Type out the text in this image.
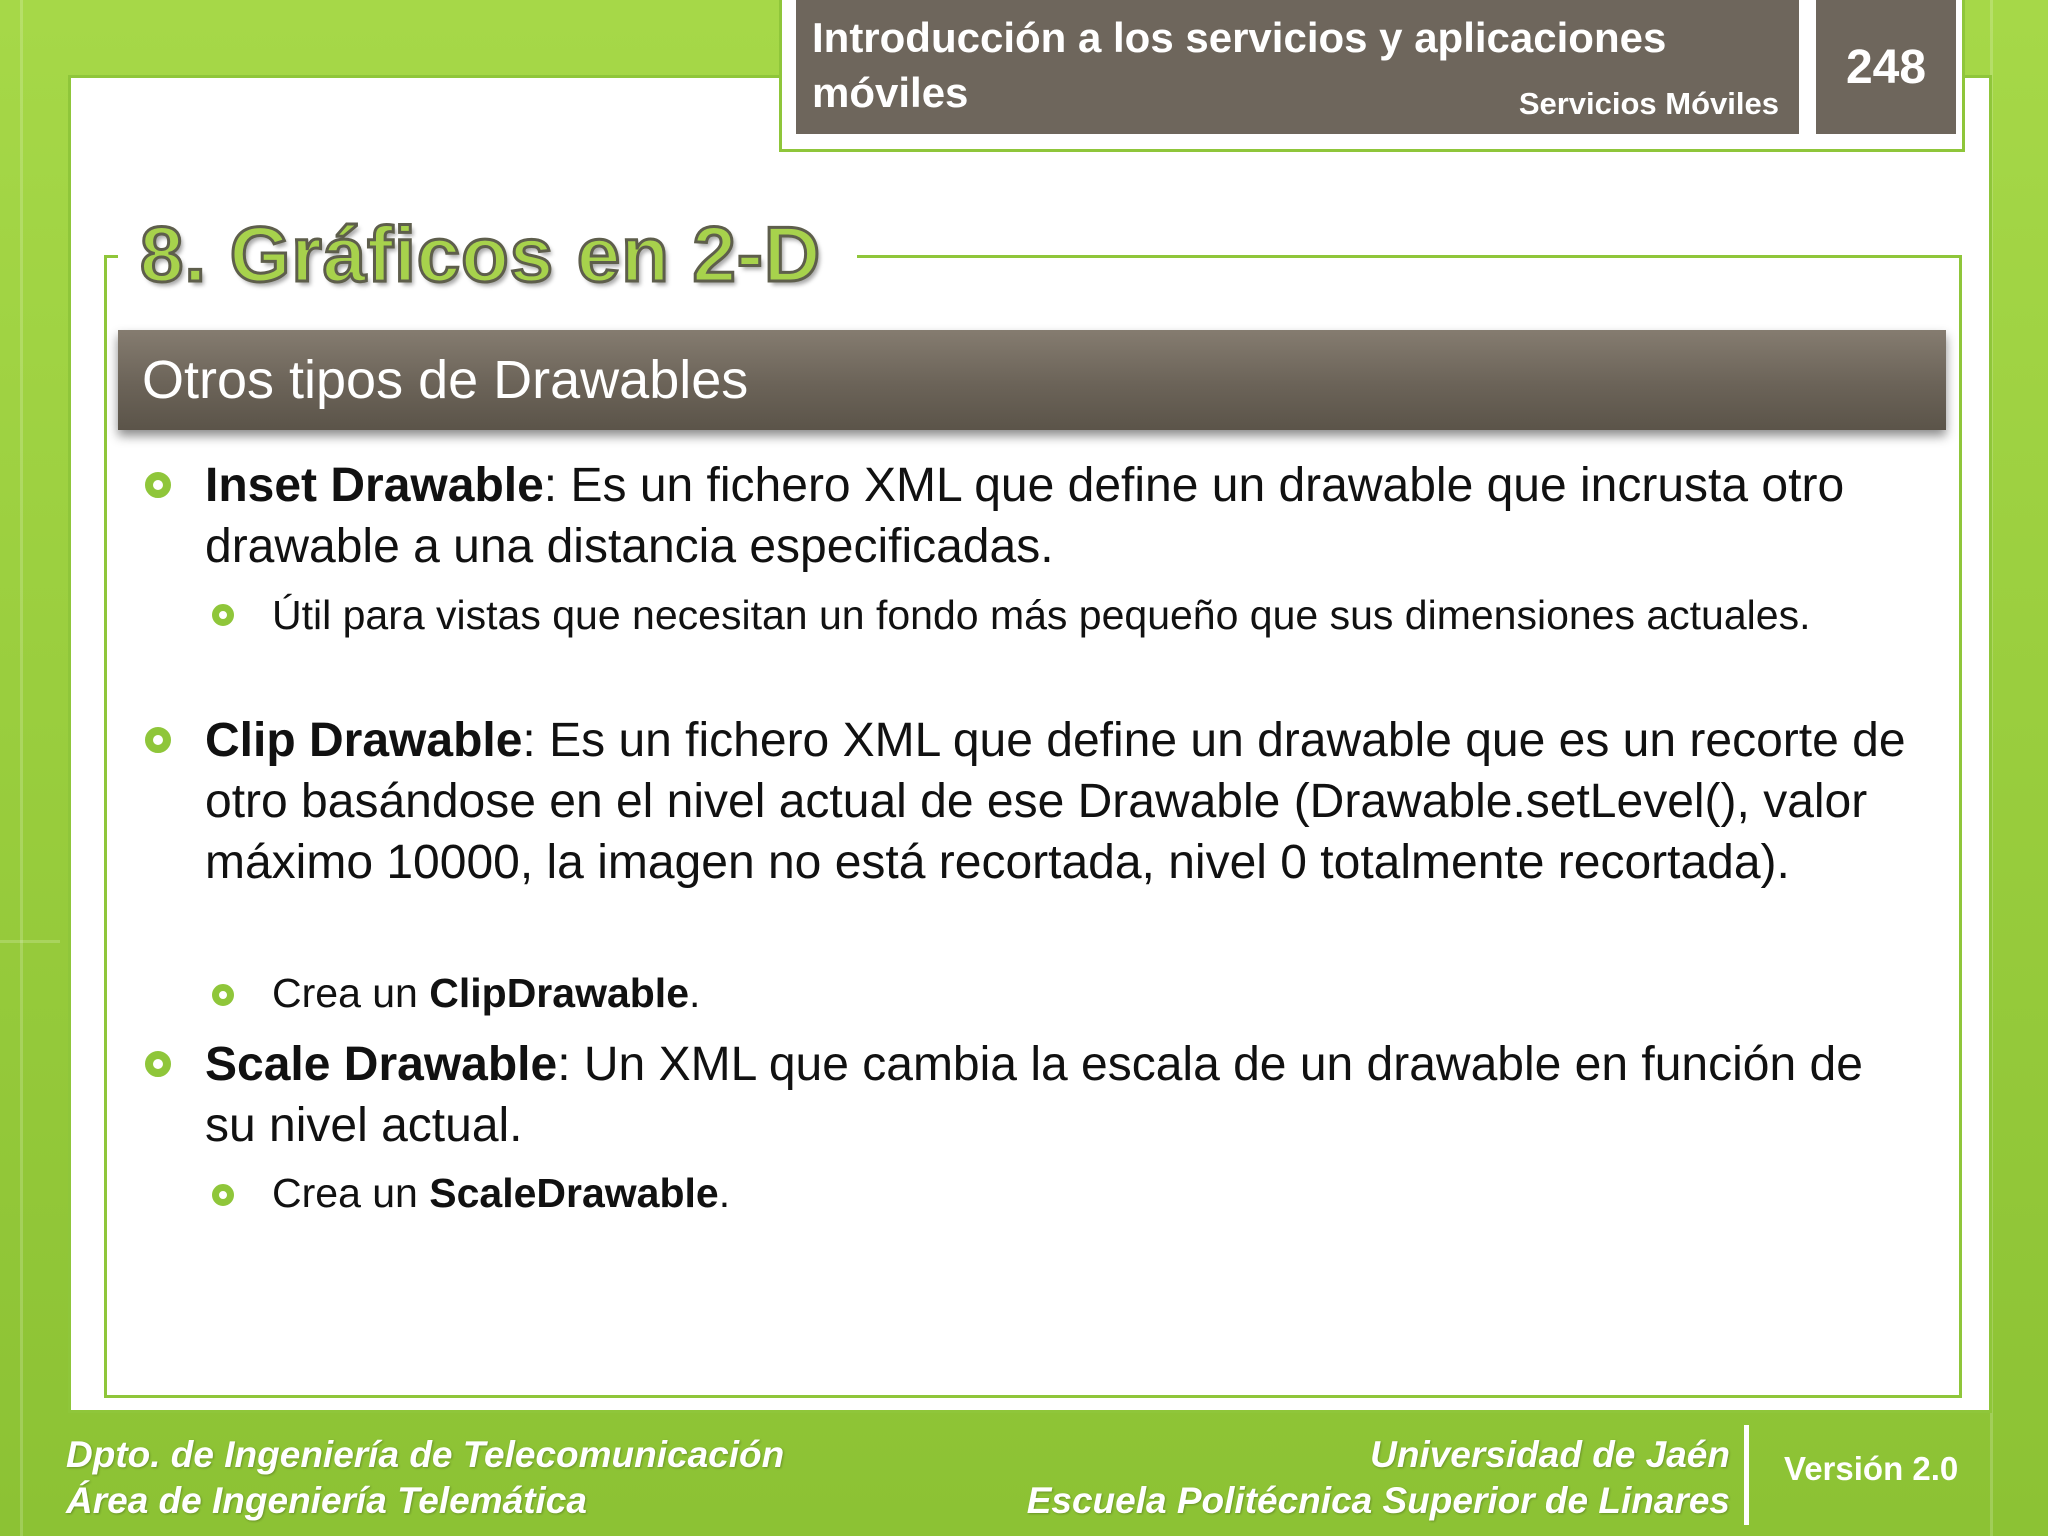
Introducción a los servicios y aplicaciones móviles	Servicios Móviles
248
8. Gráficos en 2-D
Otros tipos de Drawables
Inset Drawable: Es un fichero XML que define un drawable que incrusta otro drawable a una distancia especificadas.
Útil para vistas que necesitan un fondo más pequeño que sus dimensiones actuales.
Clip Drawable: Es un fichero XML que define un drawable que es un recorte de otro basándose en el nivel actual de ese Drawable (Drawable.setLevel(), valor máximo 10000, la imagen no está recortada, nivel 0 totalmente recortada).
Crea un ClipDrawable.
Scale Drawable: Un XML que cambia la escala de un drawable en función de su nivel actual.
Crea un ScaleDrawable.
Dpto. de Ingeniería de Telecomunicación
Área de Ingeniería Telemática
Universidad de Jaén
Escuela Politécnica Superior de Linares
Versión 2.0
